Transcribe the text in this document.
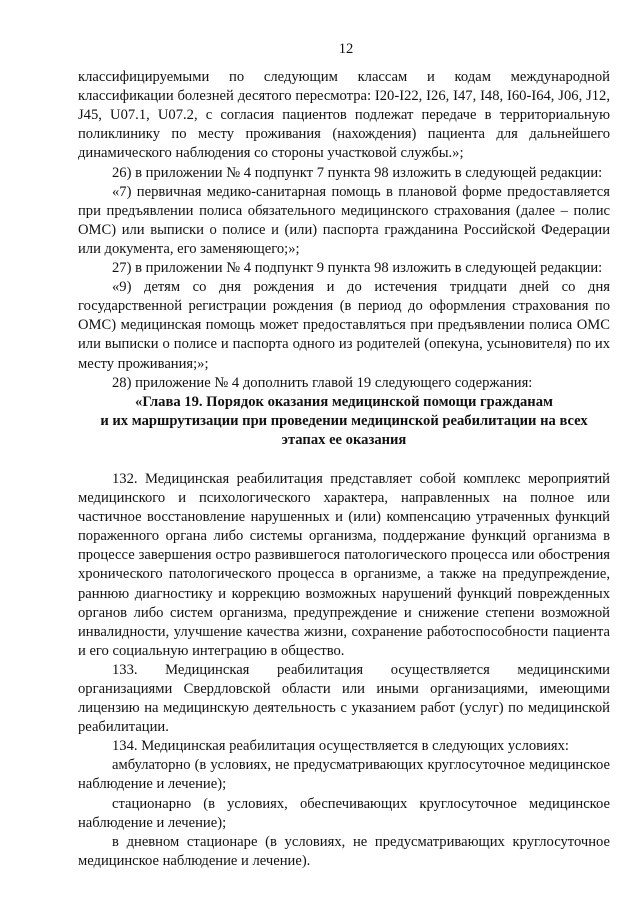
12

классифицируемыми по следующим классам и кодам международной классификации болезней десятого пересмотра: I20-I22, I26, I47, I48, I60-I64, J06, J12, J45, U07.1, U07.2, с согласия пациентов подлежат передаче в территориальную поликлинику по месту проживания (нахождения) пациента для дальнейшего динамического наблюдения со стороны участковой службы.»;

26) в приложении № 4 подпункт 7 пункта 98 изложить в следующей редакции:

«7) первичная медико-санитарная помощь в плановой форме предоставляется при предъявлении полиса обязательного медицинского страхования (далее – полис ОМС) или выписки о полисе и (или) паспорта гражданина Российской Федерации или документа, его заменяющего;»;

27) в приложении № 4 подпункт 9 пункта 98 изложить в следующей редакции:

«9) детям со дня рождения и до истечения тридцати дней со дня государственной регистрации рождения (в период до оформления страхования по ОМС) медицинская помощь может предоставляться при предъявлении полиса ОМС или выписки о полисе и паспорта одного из родителей (опекуна, усыновителя) по их месту проживания;»;

28) приложение № 4 дополнить главой 19 следующего содержания:

«Глава 19. Порядок оказания медицинской помощи гражданам

и их маршрутизации при проведении медицинской реабилитации на всех этапах ее оказания

132. Медицинская реабилитация представляет собой комплекс мероприятий медицинского и психологического характера, направленных на полное или частичное восстановление нарушенных и (или) компенсацию утраченных функций пораженного органа либо системы организма, поддержание функций организма в процессе завершения остро развившегося патологического процесса или обострения хронического патологического процесса в организме, а также на предупреждение, раннюю диагностику и коррекцию возможных нарушений функций поврежденных органов либо систем организма, предупреждение и снижение степени возможной инвалидности, улучшение качества жизни, сохранение работоспособности пациента и его социальную интеграцию в общество.

133. Медицинская реабилитация осуществляется медицинскими организациями Свердловской области или иными организациями, имеющими лицензию на медицинскую деятельность с указанием работ (услуг) по медицинской реабилитации.

134. Медицинская реабилитация осуществляется в следующих условиях:

амбулаторно (в условиях, не предусматривающих круглосуточное медицинское наблюдение и лечение);

стационарно (в условиях, обеспечивающих круглосуточное медицинское наблюдение и лечение);

в дневном стационаре (в условиях, не предусматривающих круглосуточное медицинское наблюдение и лечение).
